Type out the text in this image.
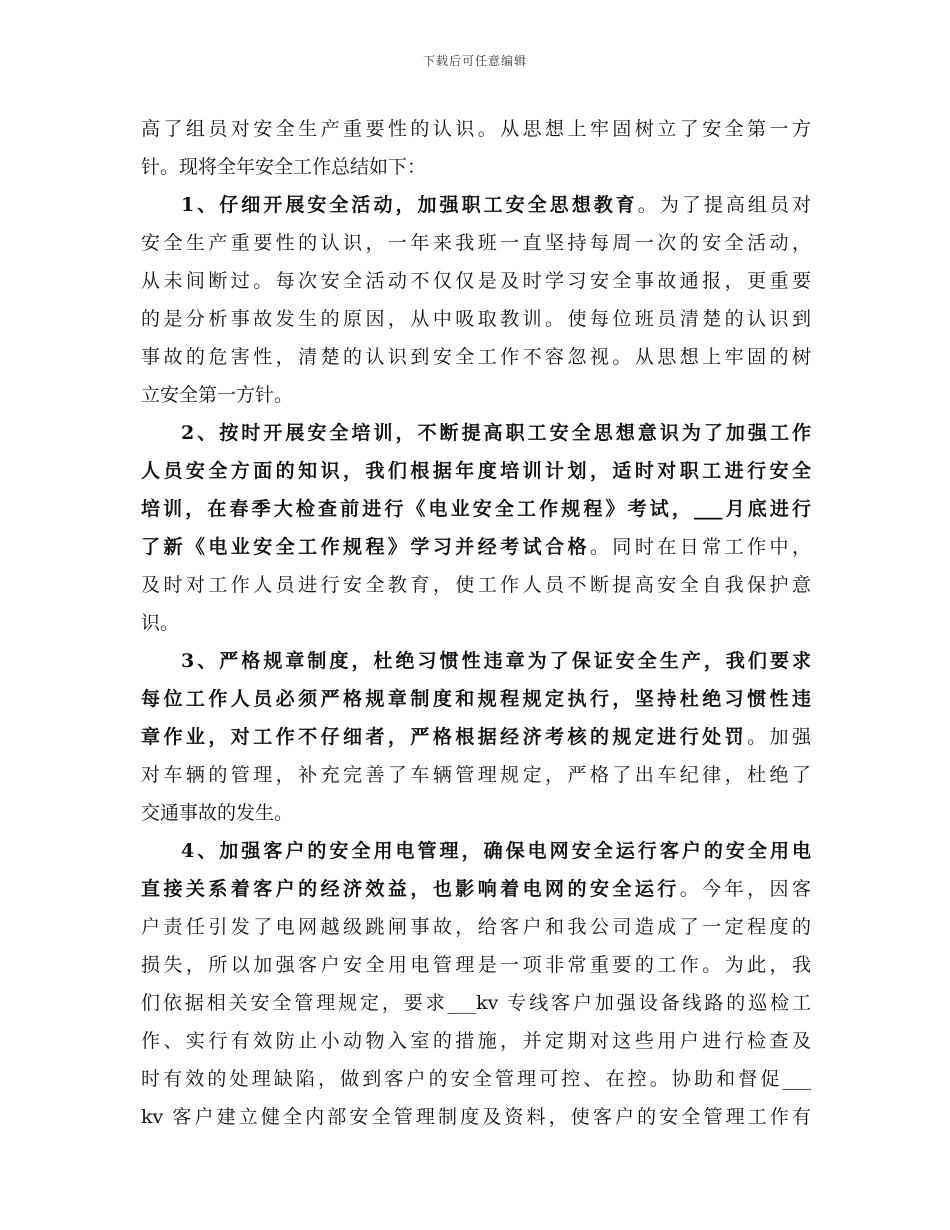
下载后可任意编辑
高了组员对安全生产重要性的认识。从思想上牢固树立了安全第一方
针。现将全年安全工作总结如下：
1、仔细开展安全活动，加强职工安全思想教育。为了提高组员对
安全生产重要性的认识，一年来我班一直坚持每周一次的安全活动，
从未间断过。每次安全活动不仅仅是及时学习安全事故通报，更重要
的是分析事故发生的原因，从中吸取教训。使每位班员清楚的认识到
事故的危害性，清楚的认识到安全工作不容忽视。从思想上牢固的树
立安全第一方针。
2、按时开展安全培训，不断提高职工安全思想意识为了加强工作
人员安全方面的知识，我们根据年度培训计划，适时对职工进行安全
培训，在春季大检查前进行《电业安全工作规程》考试，___月底进行
了新《电业安全工作规程》学习并经考试合格。同时在日常工作中，
及时对工作人员进行安全教育，使工作人员不断提高安全自我保护意
识。
3、严格规章制度，杜绝习惯性违章为了保证安全生产，我们要求
每位工作人员必须严格规章制度和规程规定执行，坚持杜绝习惯性违
章作业，对工作不仔细者，严格根据经济考核的规定进行处罚。加强
对车辆的管理，补充完善了车辆管理规定，严格了出车纪律，杜绝了
交通事故的发生。
4、加强客户的安全用电管理，确保电网安全运行客户的安全用电
直接关系着客户的经济效益，也影响着电网的安全运行。今年，因客
户责任引发了电网越级跳闸事故，给客户和我公司造成了一定程度的
损失，所以加强客户安全用电管理是一项非常重要的工作。为此，我
们依据相关安全管理规定，要求___kv 专线客户加强设备线路的巡检工
作、实行有效防止小动物入室的措施，并定期对这些用户进行检查及
时有效的处理缺陷，做到客户的安全管理可控、在控。协助和督促___
kv 客户建立健全内部安全管理制度及资料，使客户的安全管理工作有
